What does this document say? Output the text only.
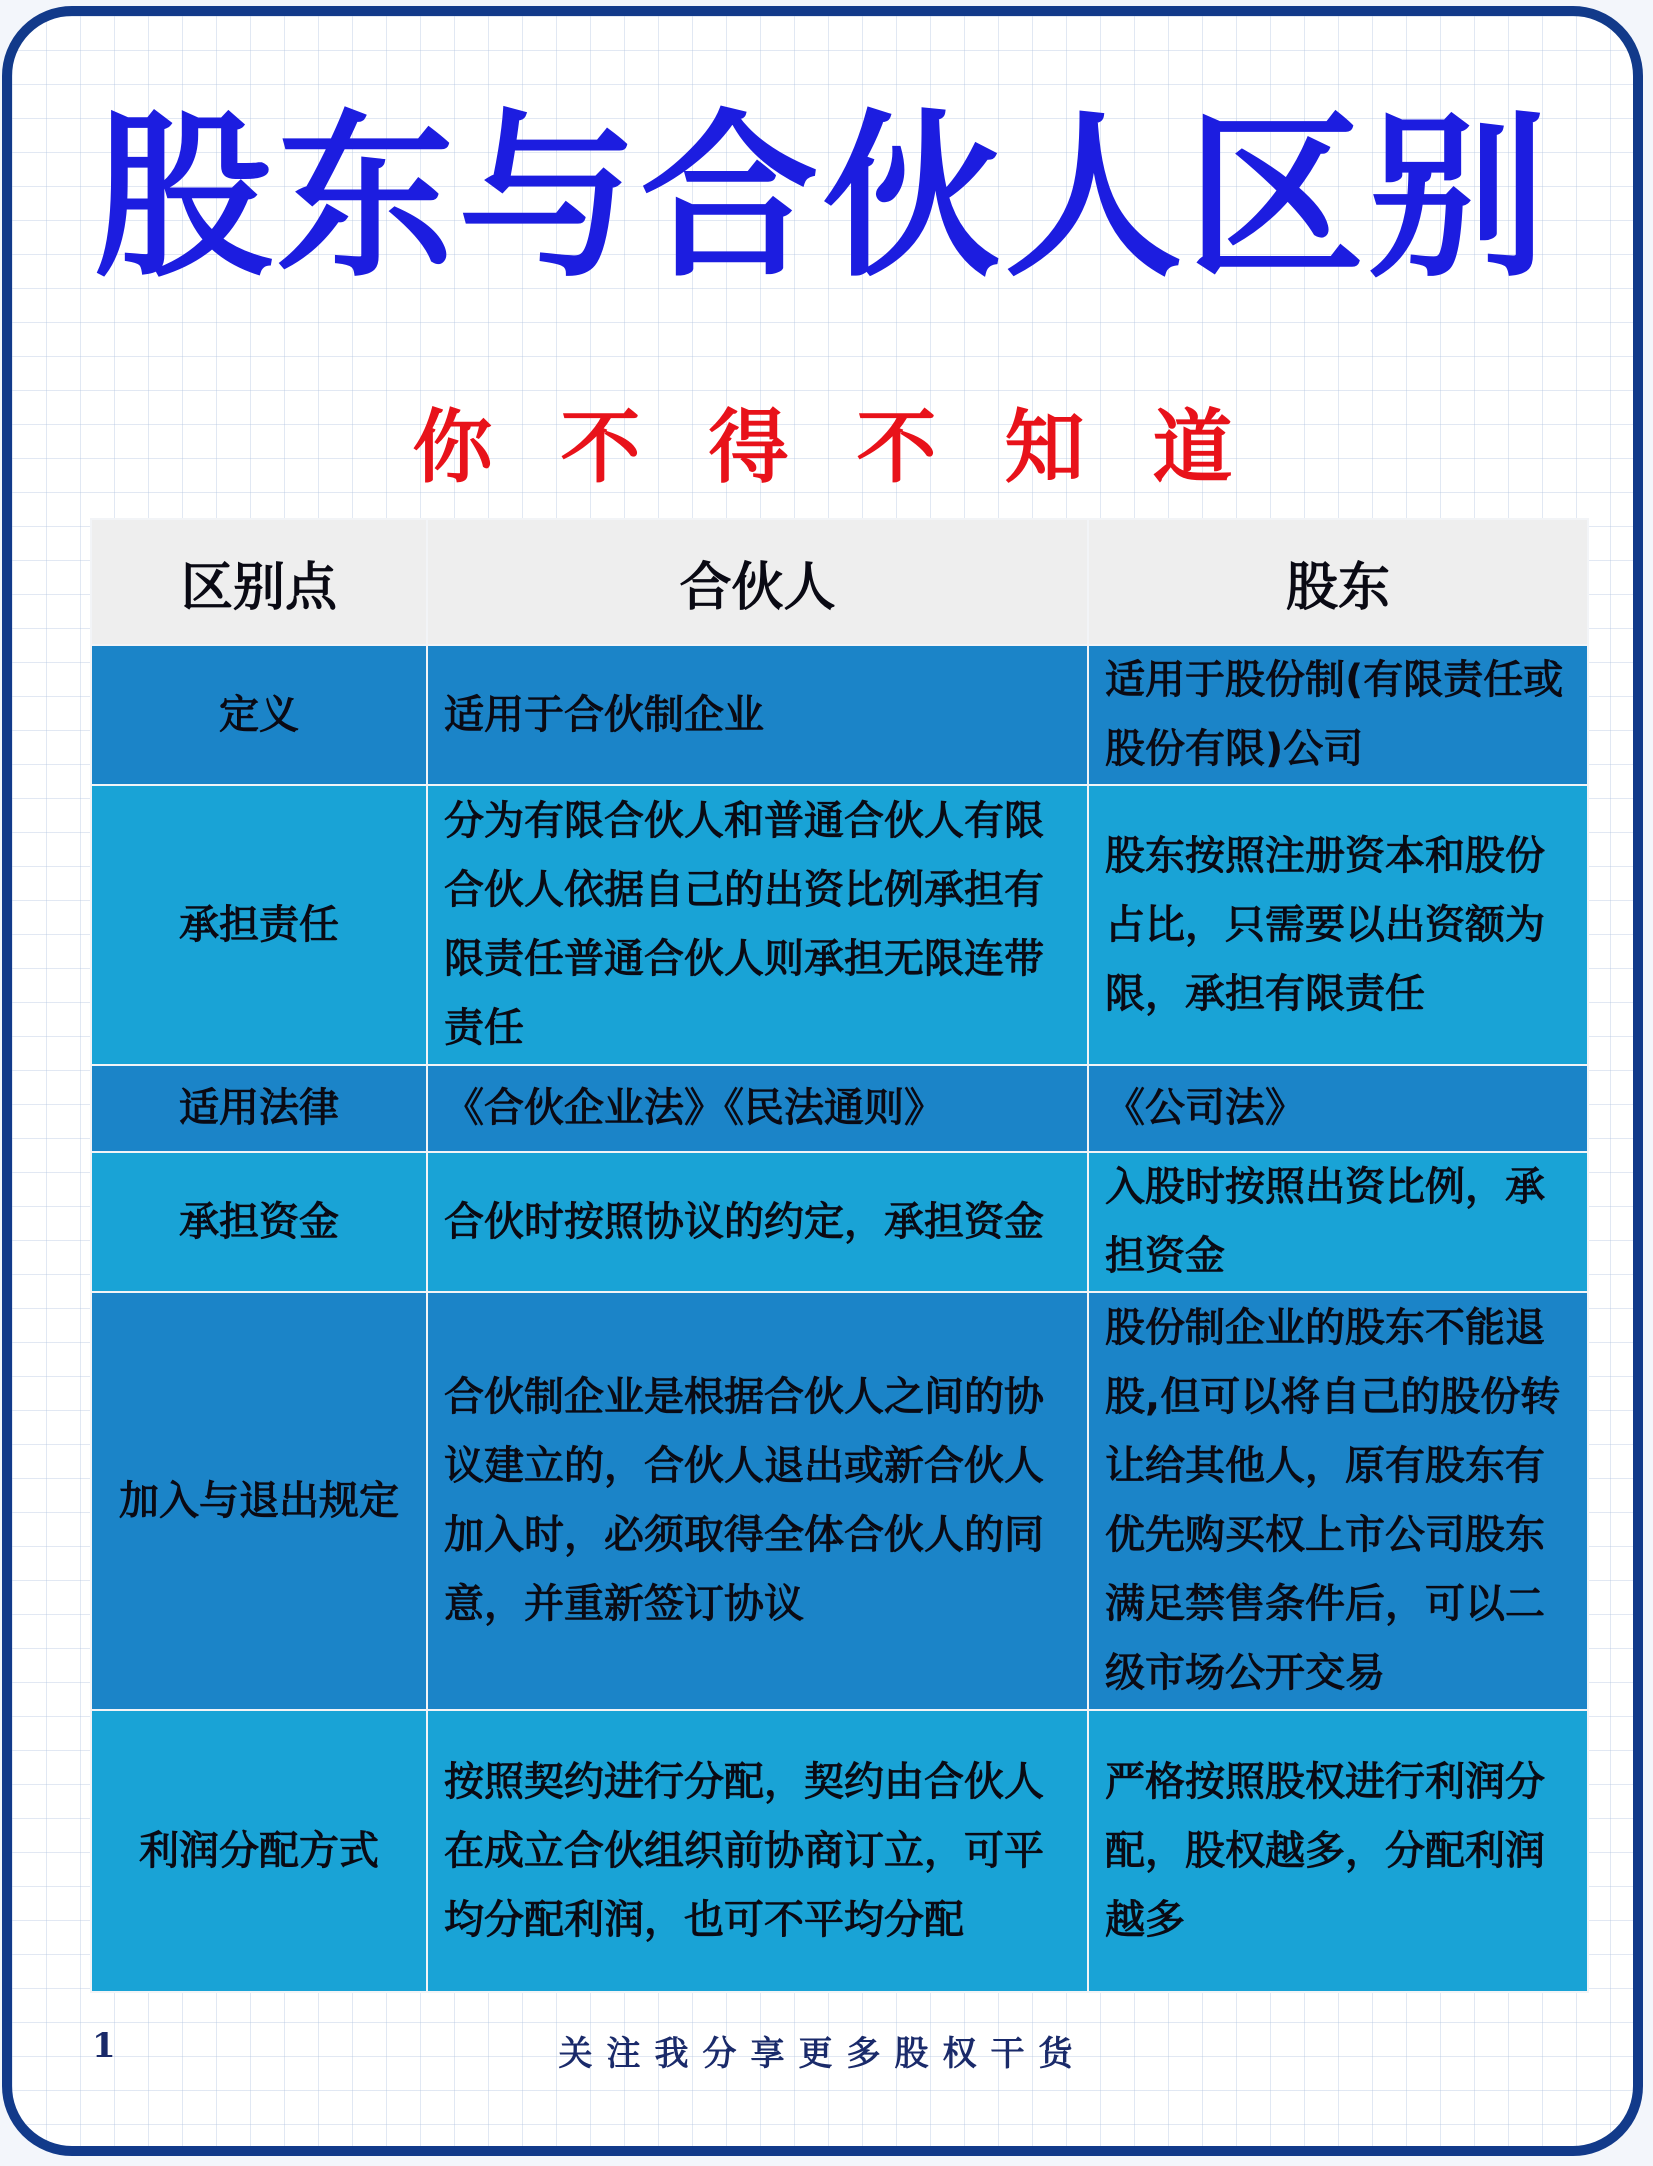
股东与合伙人区别
你不得不知道
区别点	合伙人	股东
定义	适用于合伙制企业	适用于股份制(有限责任或股份有限)公司
承担责任	分为有限合伙人和普通合伙人有限合伙人依据自己的出资比例承担有限责任普通合伙人则承担无限连带责任	股东按照注册资本和股份占比，只需要以出资额为限，承担有限责任
适用法律	《合伙企业法》《民法通则》	《公司法》
承担资金	合伙时按照协议的约定，承担资金	入股时按照出资比例，承担资金
加入与退出规定	合伙制企业是根据合伙人之间的协议建立的，合伙人退出或新合伙人加入时，必须取得全体合伙人的同意，并重新签订协议	股份制企业的股东不能退股,但可以将自己的股份转让给其他人，原有股东有优先购买权上市公司股东满足禁售条件后，可以二级市场公开交易
利润分配方式	按照契约进行分配，契约由合伙人在成立合伙组织前协商订立，可平均分配利润，也可不平均分配	严格按照股权进行利润分配，股权越多，分配利润越多
1	关注我分享更多股权干货
